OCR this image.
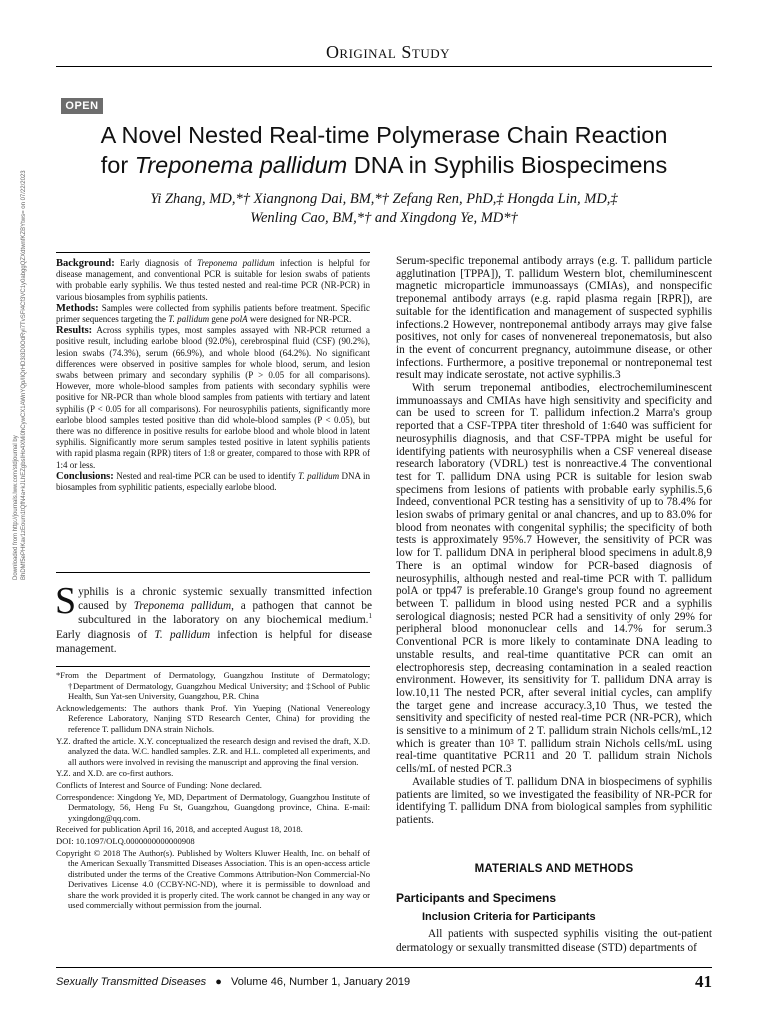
Original Study
OPEN
A Novel Nested Real-time Polymerase Chain Reaction
for Treponema pallidum DNA in Syphilis Biospecimens
Yi Zhang, MD,*† Xiangnong Dai, BM,*† Zefang Ren, PhD,‡ Hongda Lin, MD,‡
Wenling Cao, BM,*† and Xingdong Ye, MD*†
Downloaded from http://journals.lww.com/stdjournal by BhDMf5ePHKav1zEoum1tQfN4a+kJLhEZgbsIHo4XMi0hCywCX1AWnYQp/IlQrHD3i3D0OdRyi7TvSFl4Cf3VC1y0abggQZXdtwnfKZBYtws= on 07/22/2023	Background: Early diagnosis of Treponema pallidum infection is helpful for disease management, and conventional PCR is suitable for lesion swabs of patients with probable early syphilis. We thus tested nested and real-time PCR (NR-PCR) in various biosamples from syphilis patients.

Methods: Samples were collected from syphilis patients before treatment. Specific primer sequences targeting the T. pallidum gene polA were designed for NR-PCR.

Results: Across syphilis types, most samples assayed with NR-PCR returned a positive result, including earlobe blood (92.0%), cerebrospinal fluid (CSF) (90.2%), lesion swabs (74.3%), serum (66.9%), and whole blood (64.2%). No significant differences were observed in positive samples for whole blood, serum, and lesion swabs between primary and secondary syphilis (P > 0.05 for all comparisons). However, more whole-blood samples from patients with secondary syphilis were positive for NR-PCR than whole blood samples from patients with tertiary and latent syphilis (P < 0.05 for all comparisons). For neurosyphilis patients, significantly more earlobe blood samples tested positive than did whole-blood samples (P < 0.05), but there was no difference in positive results for earlobe blood and whole blood in latent syphilis. Significantly more serum samples tested positive in latent syphilis patients with rapid plasma regain (RPR) titers of 1:8 or greater, compared to those with RPR of 1:4 or less.

Conclusions: Nested and real-time PCR can be used to identify T. pallidum DNA in biosamples from syphilitic patients, especially earlobe blood.

Syphilis is a chronic systemic sexually transmitted infection caused by Treponema pallidum, a pathogen that cannot be subcultured in the laboratory on any biochemical medium.$^1$ Early diagnosis of T. pallidum infection is helpful for disease management.

*From the Department of Dermatology, Guangzhou Institute of Dermatology; †Department of Dermatology, Guangzhou Medical University; and ‡School of Public Health, Sun Yat-sen University, Guangzhou, P.R. China

Acknowledgements: The authors thank Prof. Yin Yueping (National Venereology Reference Laboratory, Nanjing STD Research Center, China) for providing the reference T. pallidum DNA strain Nichols.

Y.Z. drafted the article. X.Y. conceptualized the research design and revised the draft, X.D. analyzed the data. W.C. handled samples. Z.R. and H.L. completed all experiments, and all authors were involved in revising the manuscript and approving the final version.

Y.Z. and X.D. are co-first authors.

Conflicts of Interest and Source of Funding: None declared.

Correspondence: Xingdong Ye, MD, Department of Dermatology, Guangzhou Institute of Dermatology, 56, Heng Fu St, Guangzhou, Guangdong province, China. E-mail: yxingdong@qq.com.

Received for publication April 16, 2018, and accepted August 18, 2018.

DOI: 10.1097/OLQ.0000000000000908

Copyright © 2018 The Author(s). Published by Wolters Kluwer Health, Inc. on behalf of the American Sexually Transmitted Diseases Association. This is an open-access article distributed under the terms of the Creative Commons Attribution-Non Commercial-No Derivatives License 4.0 (CCBY-NC-ND), where it is permissible to download and share the work provided it is properly cited. The work cannot be changed in any way or used commercially without permission from the journal.

Serum-specific treponemal antibody arrays (e.g. T. pallidum particle agglutination [TPPA]), T. pallidum Western blot, chemiluminescent magnetic microparticle immunoassays (CMIAs), and nonspecific treponemal antibody arrays (e.g. rapid plasma regain [RPR]), are suitable for the identification and management of suspected syphilis infections.2 However, nontreponemal antibody arrays may give false positives, not only for cases of nonvenereal treponematosis, but also in the event of concurrent pregnancy, autoimmune disease, or other infections. Furthermore, a positive treponemal or nontreponemal test result may indicate serostate, not active syphilis.3

With serum treponemal antibodies, electrochemiluminescent immunoassays and CMIAs have high sensitivity and specificity and can be used to screen for T. pallidum infection.2 Marra's group reported that a CSF-TPPA titer threshold of 1:640 was sufficient for neurosyphilis diagnosis, and that CSF-TPPA might be useful for identifying patients with neurosyphilis when a CSF venereal disease research laboratory (VDRL) test is nonreactive.4 The conventional test for T. pallidum DNA using PCR is suitable for lesion swab specimens from lesions of patients with probable early syphilis.5,6 Indeed, conventional PCR testing has a sensitivity of up to 78.4% for lesion swabs of primary genital or anal chancres, and up to 83.0% for blood from neonates with congenital syphilis; the specificity of both tests is approximately 95%.7 However, the sensitivity of PCR was low for T. pallidum DNA in peripheral blood specimens in adult.8,9 There is an optimal window for PCR-based diagnosis of neurosyphilis, although nested and real-time PCR with T. pallidum polA or tpp47 is preferable.10 Grange's group found no agreement between T. pallidum in blood using nested PCR and a syphilis serological diagnosis; nested PCR had a sensitivity of only 29% for peripheral blood mononuclear cells and 14.7% for serum.3 Conventional PCR is more likely to contaminate DNA leading to unstable results, and real-time quantitative PCR can omit an electrophoresis step, decreasing contamination in a sealed reaction environment. However, its sensitivity for T. pallidum DNA array is low.10,11 The nested PCR, after several initial cycles, can amplify the target gene and increase accuracy.3,10 Thus, we tested the sensitivity and specificity of nested real-time PCR (NR-PCR), which is sensitive to a minimum of 2 T. pallidum strain Nichols cells/mL,12 which is greater than 10³ T. pallidum strain Nichols cells/mL using real-time quantitative PCR11 and 20 T. pallidum strain Nichols cells/mL of nested PCR.3

Available studies of T. pallidum DNA in biospecimens of syphilis patients are limited, so we investigated the feasibility of NR-PCR for identifying T. pallidum DNA from biological samples from syphilitic patients.

MATERIALS AND METHODS
Participants and Specimens
Inclusion Criteria for Participants
All patients with suspected syphilis visiting the out-patient dermatology or sexually transmitted disease (STD) departments of
Sexually Transmitted Diseases ● Volume 46, Number 1, January 2019	41
